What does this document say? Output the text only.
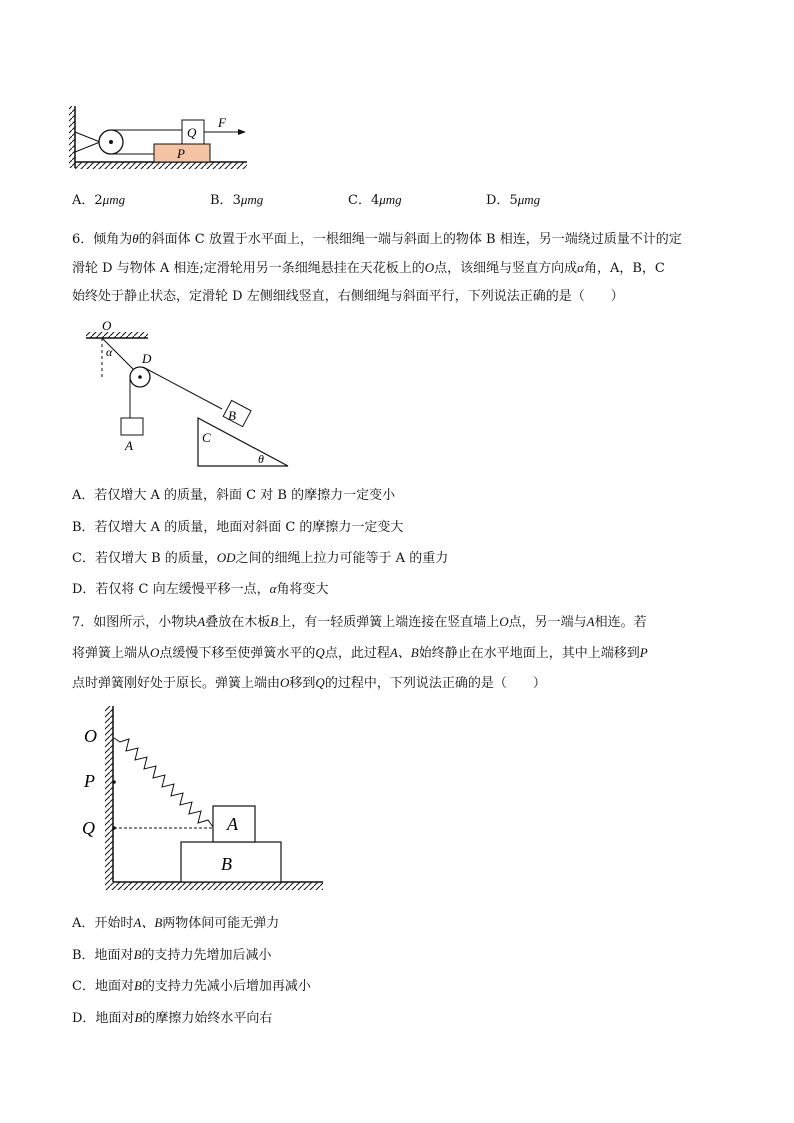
P
Q
F
A．2μmg	B．3μmg	C．4μmg	D．5μmg
6．倾角为θ的斜面体 C 放置于水平面上，一根细绳一端与斜面上的物体 B 相连，另一端绕过质量不计的定
滑轮 D 与物体 A 相连;定滑轮用另一条细绳悬挂在天花板上的O点，该细绳与竖直方向成α角，A，B，C
始终处于静止状态，定滑轮 D 左侧细线竖直，右侧细绳与斜面平行，下列说法正确的是（　　）
O
α D
A
C
θ
B
A．若仅增大 A 的质量，斜面 C 对 B 的摩擦力一定变小
B．若仅增大 A 的质量，地面对斜面 C 的摩擦力一定变大
C．若仅增大 B 的质量，OD之间的细绳上拉力可能等于 A 的重力
D．若仅将 C 向左缓慢平移一点，α角将变大
7．如图所示，小物块A叠放在木板B上，有一轻质弹簧上端连接在竖直墙上O点，另一端与A相连。若
将弹簧上端从O点缓慢下移至使弹簧水平的Q点，此过程A、B始终静止在水平地面上，其中上端移到P
点时弹簧刚好处于原长。弹簧上端由O移到Q的过程中，下列说法正确的是（　　）
O
P
Q
B
A
A．开始时A、B两物体间可能无弹力
B．地面对B的支持力先增加后减小
C．地面对B的支持力先减小后增加再减小
D．地面对B的摩擦力始终水平向右
